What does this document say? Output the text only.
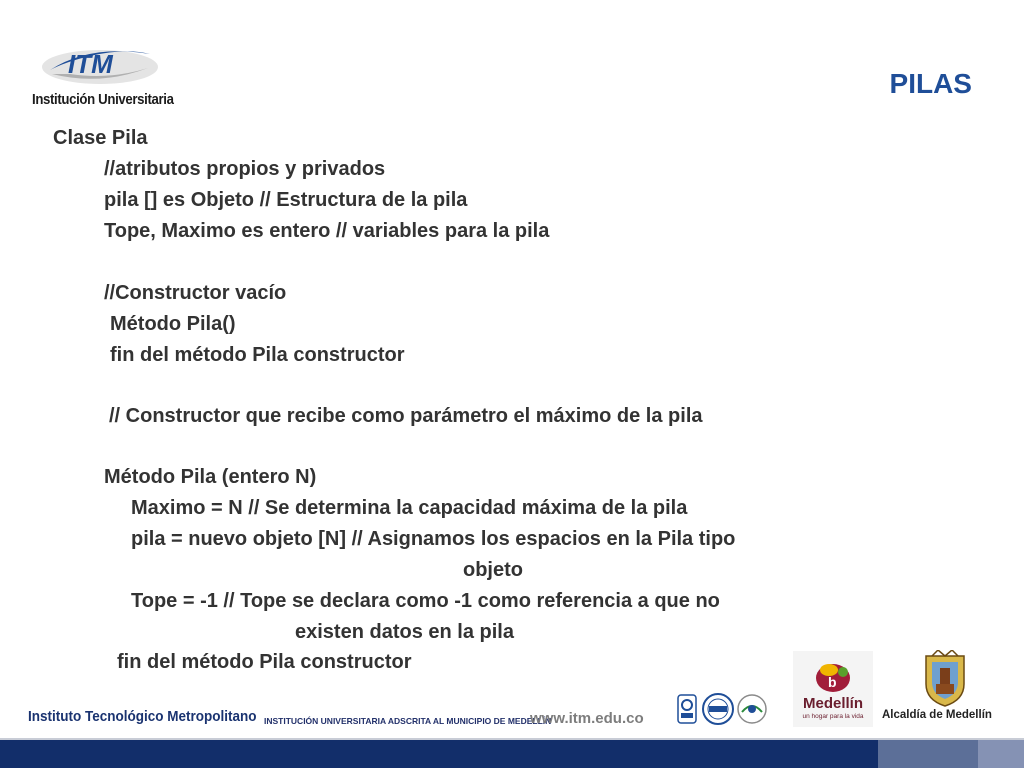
ITM
Institución Universitaria
PILAS
Clase Pila
//atributos propios y privados
pila [] es Objeto // Estructura de la pila
Tope, Maximo es entero // variables para la pila
//Constructor vacío
Método Pila()
fin del método Pila constructor
// Constructor que recibe como parámetro el máximo de la pila
Método Pila (entero N)
Maximo = N // Se determina la capacidad máxima de la pila
pila = nuevo objeto [N] // Asignamos los espacios en la Pila tipo
objeto
Tope = -1 // Tope se declara como -1 como referencia a que no
existen datos en la pila
fin del método Pila constructor
Instituto Tecnológico Metropolitano INSTITUCIÓN UNIVERSITARIA ADSCRITA AL MUNICIPIO DE MEDELLÍN
www.itm.edu.co
b
Medellín
un hogar para la vida Alcaldía de Medellín
